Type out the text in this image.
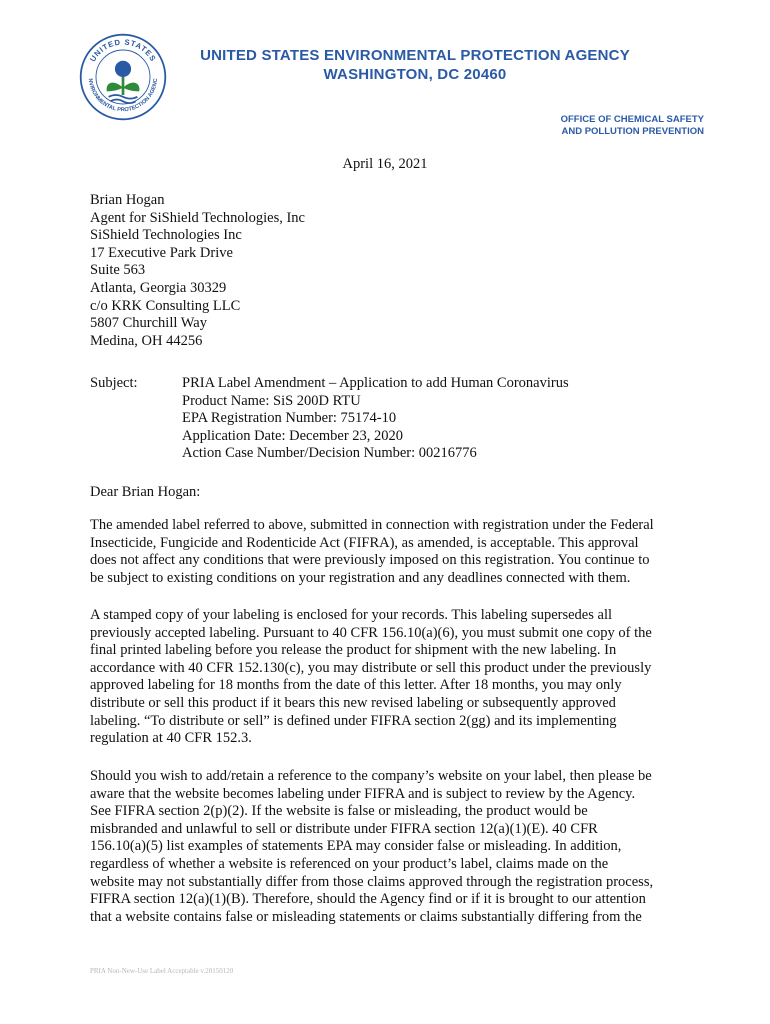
UNITED STATES
NVIRONMENTAL PROTECTION AGENC
UNITED STATES ENVIRONMENTAL PROTECTION AGENCY
WASHINGTON, DC 20460
OFFICE OF CHEMICAL SAFETY
AND POLLUTION PREVENTION
April 16, 2021
Brian Hogan
Agent for SiShield Technologies, Inc
SiShield Technologies Inc
17 Executive Park Drive
Suite 563
Atlanta, Georgia 30329
c/o KRK Consulting LLC
5807 Churchill Way
Medina, OH 44256
Subject:	PRIA Label Amendment – Application to add Human Coronavirus
Product Name: SiS 200D RTU
EPA Registration Number: 75174-10
Application Date: December 23, 2020
Action Case Number/Decision Number: 00216776
Dear Brian Hogan:

The amended label referred to above, submitted in connection with registration under the Federal
Insecticide, Fungicide and Rodenticide Act (FIFRA), as amended, is acceptable. This approval
does not affect any conditions that were previously imposed on this registration. You continue to
be subject to existing conditions on your registration and any deadlines connected with them.

A stamped copy of your labeling is enclosed for your records. This labeling supersedes all
previously accepted labeling. Pursuant to 40 CFR 156.10(a)(6), you must submit one copy of the
final printed labeling before you release the product for shipment with the new labeling. In
accordance with 40 CFR 152.130(c), you may distribute or sell this product under the previously
approved labeling for 18 months from the date of this letter. After 18 months, you may only
distribute or sell this product if it bears this new revised labeling or subsequently approved
labeling. “To distribute or sell” is defined under FIFRA section 2(gg) and its implementing
regulation at 40 CFR 152.3.

Should you wish to add/retain a reference to the company’s website on your label, then please be
aware that the website becomes labeling under FIFRA and is subject to review by the Agency.
See FIFRA section 2(p)(2). If the website is false or misleading, the product would be
misbranded and unlawful to sell or distribute under FIFRA section 12(a)(1)(E). 40 CFR
156.10(a)(5) list examples of statements EPA may consider false or misleading. In addition,
regardless of whether a website is referenced on your product’s label, claims made on the
website may not substantially differ from those claims approved through the registration process,
FIFRA section 12(a)(1)(B). Therefore, should the Agency find or if it is brought to our attention
that a website contains false or misleading statements or claims substantially differing from the

PRIA Non-New-Use Label Acceptable v.20150120
